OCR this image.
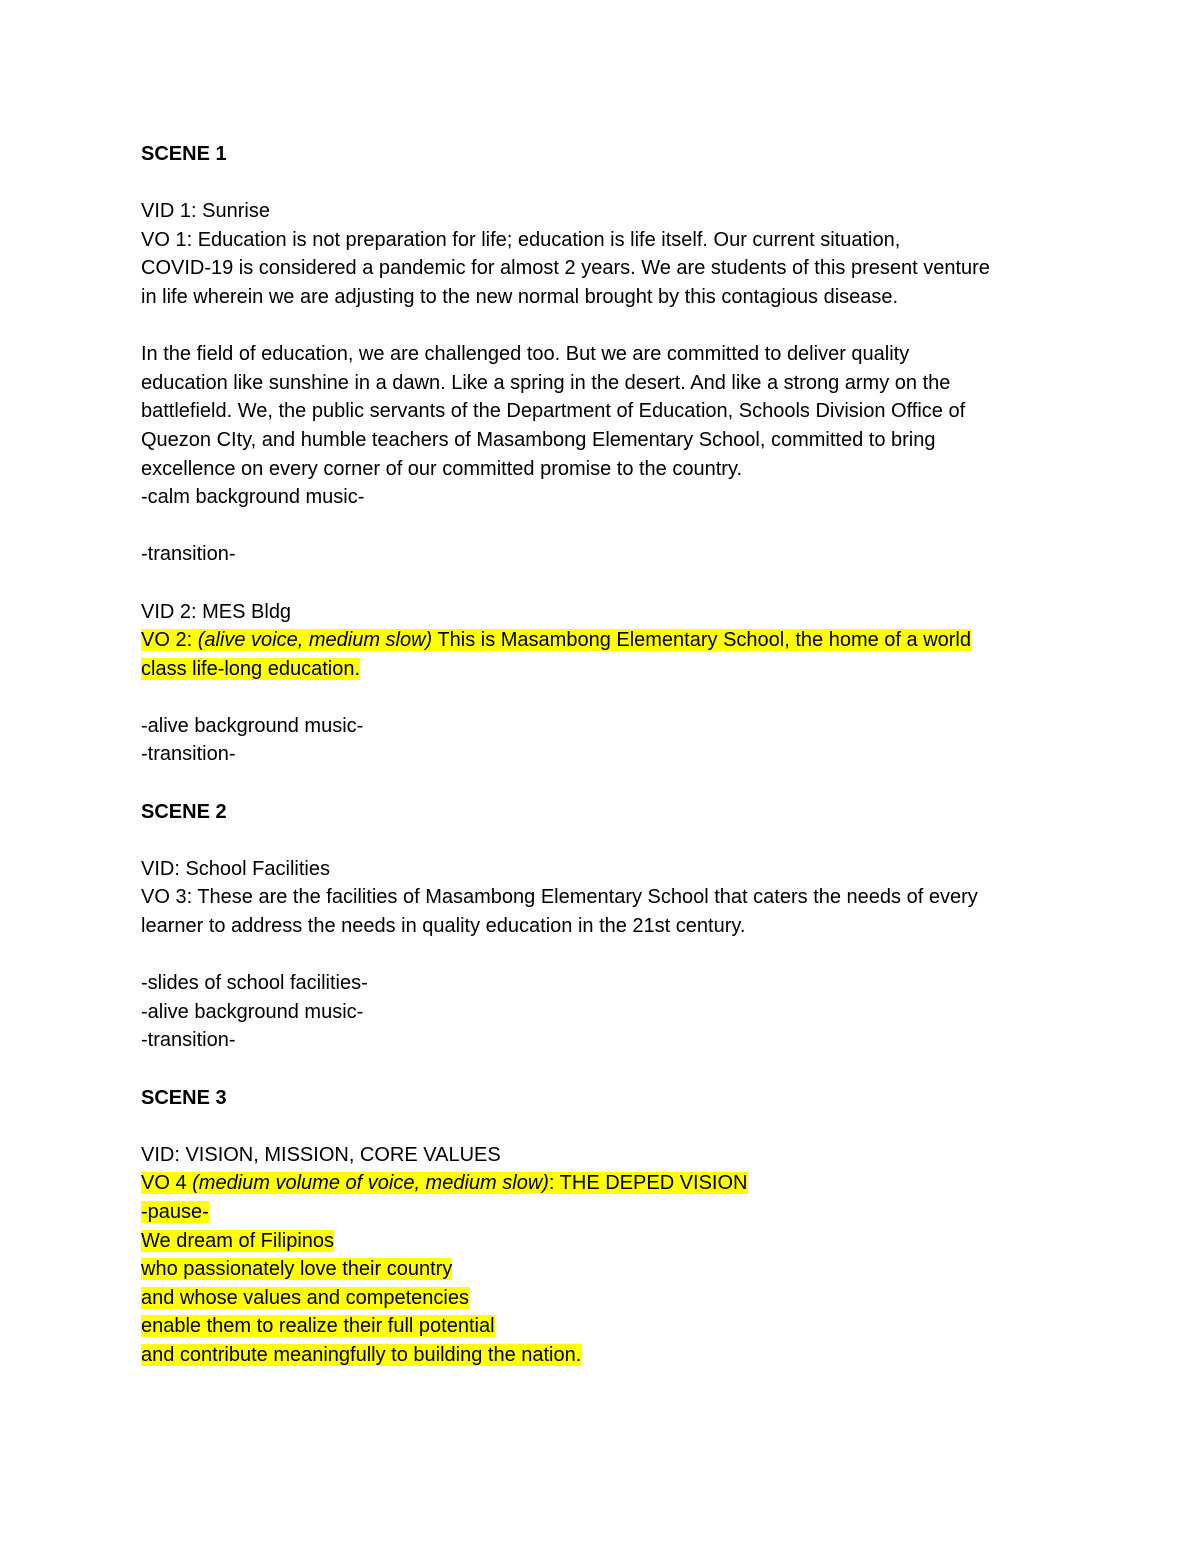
SCENE 1
VID 1: Sunrise
VO 1: Education is not preparation for life; education is life itself. Our current situation,
COVID-19 is considered a pandemic for almost 2 years. We are students of this present venture
in life wherein we are adjusting to the new normal brought by this contagious disease.
In the field of education, we are challenged too. But we are committed to deliver quality
education like sunshine in a dawn. Like a spring in the desert. And like a strong army on the
battlefield. We, the public servants of the Department of Education, Schools Division Office of
Quezon CIty, and humble teachers of Masambong Elementary School, committed to bring
excellence on every corner of our committed promise to the country.
-calm background music-
-transition-
VID 2: MES Bldg
VO 2: (alive voice, medium slow) This is Masambong Elementary School, the home of a world
class life-long education.
-alive background music-
-transition-
SCENE 2
VID: School Facilities
VO 3: These are the facilities of Masambong Elementary School that caters the needs of every
learner to address the needs in quality education in the 21st century.
-slides of school facilities-
-alive background music-
-transition-
SCENE 3
VID: VISION, MISSION, CORE VALUES
VO 4 (medium volume of voice, medium slow): THE DEPED VISION
-pause-
We dream of Filipinos
who passionately love their country
and whose values and competencies
enable them to realize their full potential
and contribute meaningfully to building the nation.
